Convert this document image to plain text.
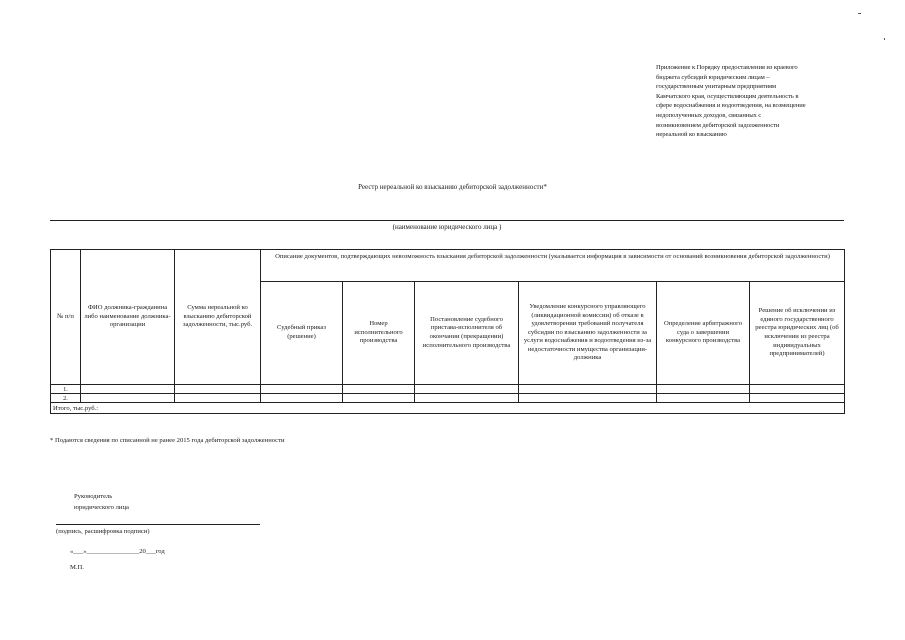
Приложение к Порядку предоставления из краевого
бюджета субсидий юридическим лицам –
государственным унитарным предприятиям
Камчатского края, осуществляющим деятельность в
сфере водоснабжения и водоотведения, на возмещение
недополученных доходов, связанных с
возникновением дебиторской задолженности
нереальной ко взысканию
Реестр нереальной ко взысканию дебиторской задолженности*
(наименование юридического лица )
№ п/п	ФИО должника-гражданина либо наименование должника-организации	Сумма нереальной ко взысканию дебиторской задолженности, тыс.руб.	Описание документов, подтверждающих невозможность взыскания дебиторской задолженности (указывается информация в зависимости от оснований возникновения дебиторской задолженности)					
			Судебный приказ (решение)	Номер исполнительного производства	Постановление судебного пристава-исполнителя об окончании (прекращении) исполнительного производства	Уведомление конкурсного управляющего (ликвидационной комиссии) об отказе в удовлетворении требований получателя субсидии по взысканию задолженности за услуги водоснабжения и водоотведения из-за недостаточности имущества организации-должника	Определение арбитражного суда о завершении конкурсного производства	Решение об исключении из единого государственного реестра юридических лиц (об исключении из реестра индивидуальных предпринимателей)
1.								
2.								
Итого, тыс.руб.:								
* Подаются сведения по списанной не ранее 2015 года дебиторской задолженности
Руководитель
юридического лица
(подпись, расшифровка подписи)
«___»________________20___год
М.П.
